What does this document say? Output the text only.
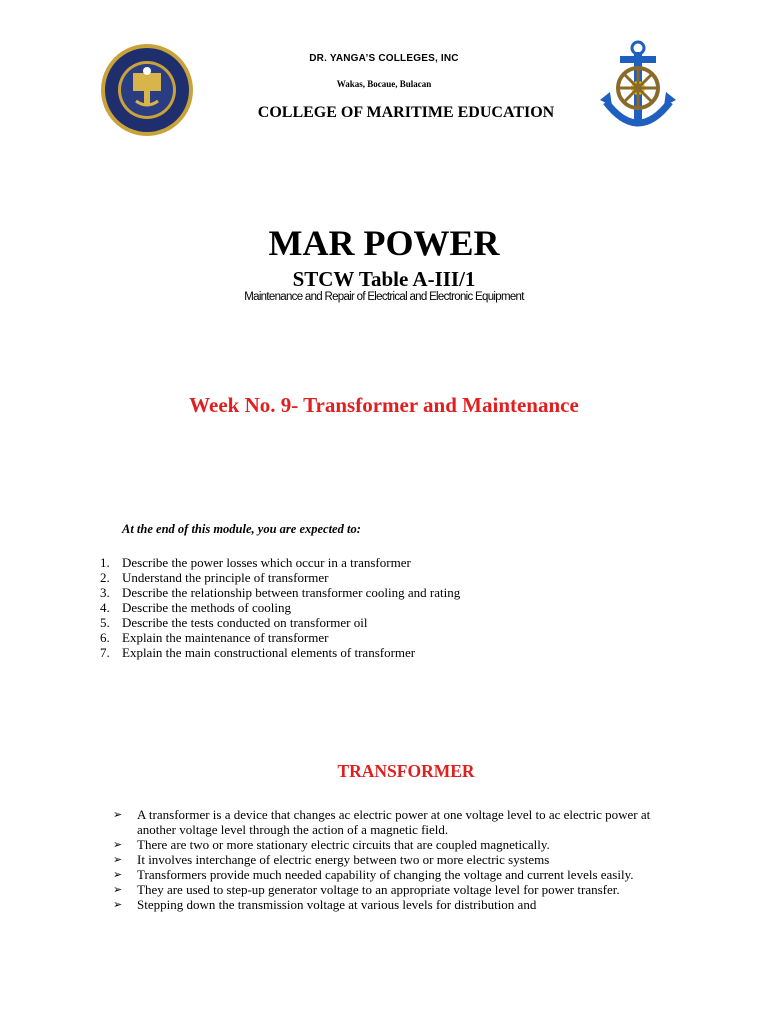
DR. YANGA’S COLLEGES, INC
Wakas, Bocaue, Bulacan
COLLEGE OF MARITIME EDUCATION
MAR POWER
STCW Table A-III/1
Maintenance and Repair of Electrical and Electronic Equipment
Week No. 9- Transformer and Maintenance
At the end of this module, you are expected to:
1. Describe the power losses which occur in a transformer
2. Understand the principle of transformer
3. Describe the relationship between transformer cooling and rating
4. Describe the methods of cooling
5. Describe the tests conducted on transformer oil
6. Explain the maintenance of transformer
7. Explain the main constructional elements of transformer
TRANSFORMER
➢	A transformer is a device that changes ac electric power at one voltage level to ac electric power at another voltage level through the action of a magnetic field.
➢	There are two or more stationary electric circuits that are coupled magnetically.
➢	It involves interchange of electric energy between two or more electric systems
➢	Transformers provide much needed capability of changing the voltage and current levels easily.
➢	They are used to step-up generator voltage to an appropriate voltage level for power transfer.
➢	Stepping down the transmission voltage at various levels for distribution and
